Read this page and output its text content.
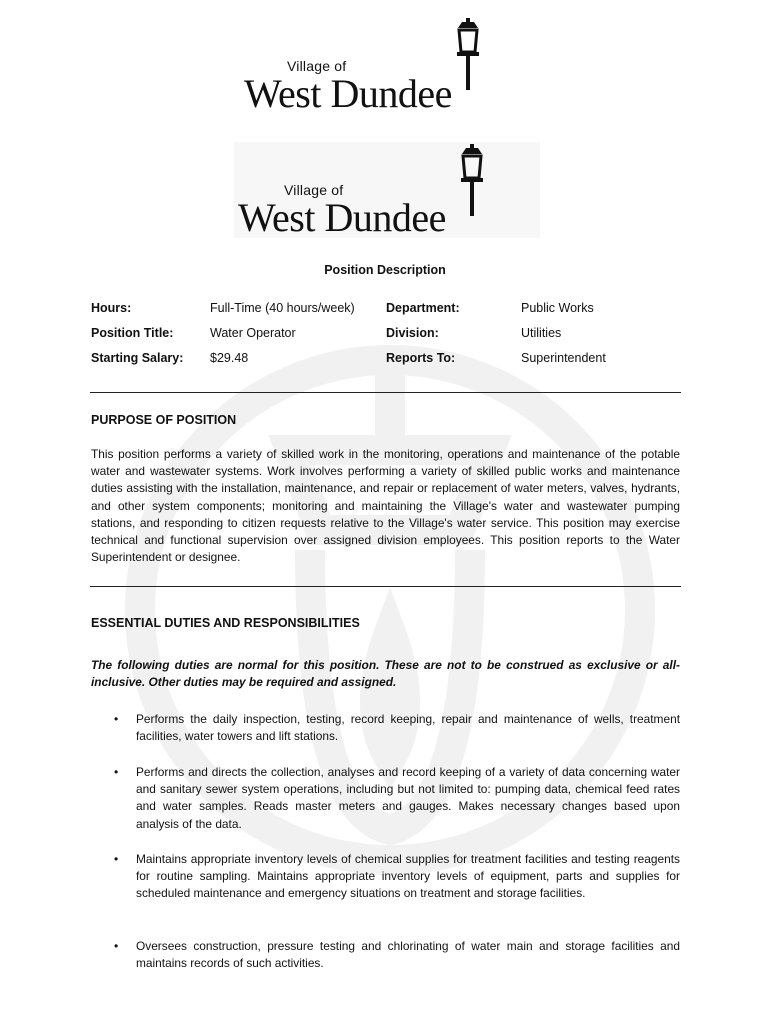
Village of
West Dundee
Village of
West Dundee
Position Description
Hours:	Full-Time (40 hours/week)	Department:	Public Works
Position Title:	Water Operator	Division:	Utilities
Starting Salary: $29.48	Reports To:	Superintendent
PURPOSE OF POSITION
This position performs a variety of skilled work in the monitoring, operations and maintenance of the potable water and wastewater systems. Work involves performing a variety of skilled public works and maintenance duties assisting with the installation, maintenance, and repair or replacement of water meters, valves, hydrants, and other system components; monitoring and maintaining the Village's water and wastewater pumping stations, and responding to citizen requests relative to the Village's water service. This position may exercise technical and functional supervision over assigned division employees. This position reports to the Water Superintendent or designee.
ESSENTIAL DUTIES AND RESPONSIBILITIES
The following duties are normal for this position. These are not to be construed as exclusive or all-inclusive. Other duties may be required and assigned.
• Performs the daily inspection, testing, record keeping, repair and maintenance of wells, treatment facilities, water towers and lift stations.
• Performs and directs the collection, analyses and record keeping of a variety of data concerning water and sanitary sewer system operations, including but not limited to: pumping data, chemical feed rates and water samples. Reads master meters and gauges. Makes necessary changes based upon analysis of the data.
• Maintains appropriate inventory levels of chemical supplies for treatment facilities and testing reagents for routine sampling. Maintains appropriate inventory levels of equipment, parts and supplies for scheduled maintenance and emergency situations on treatment and storage facilities.
• Oversees construction, pressure testing and chlorinating of water main and storage facilities and maintains records of such activities.
